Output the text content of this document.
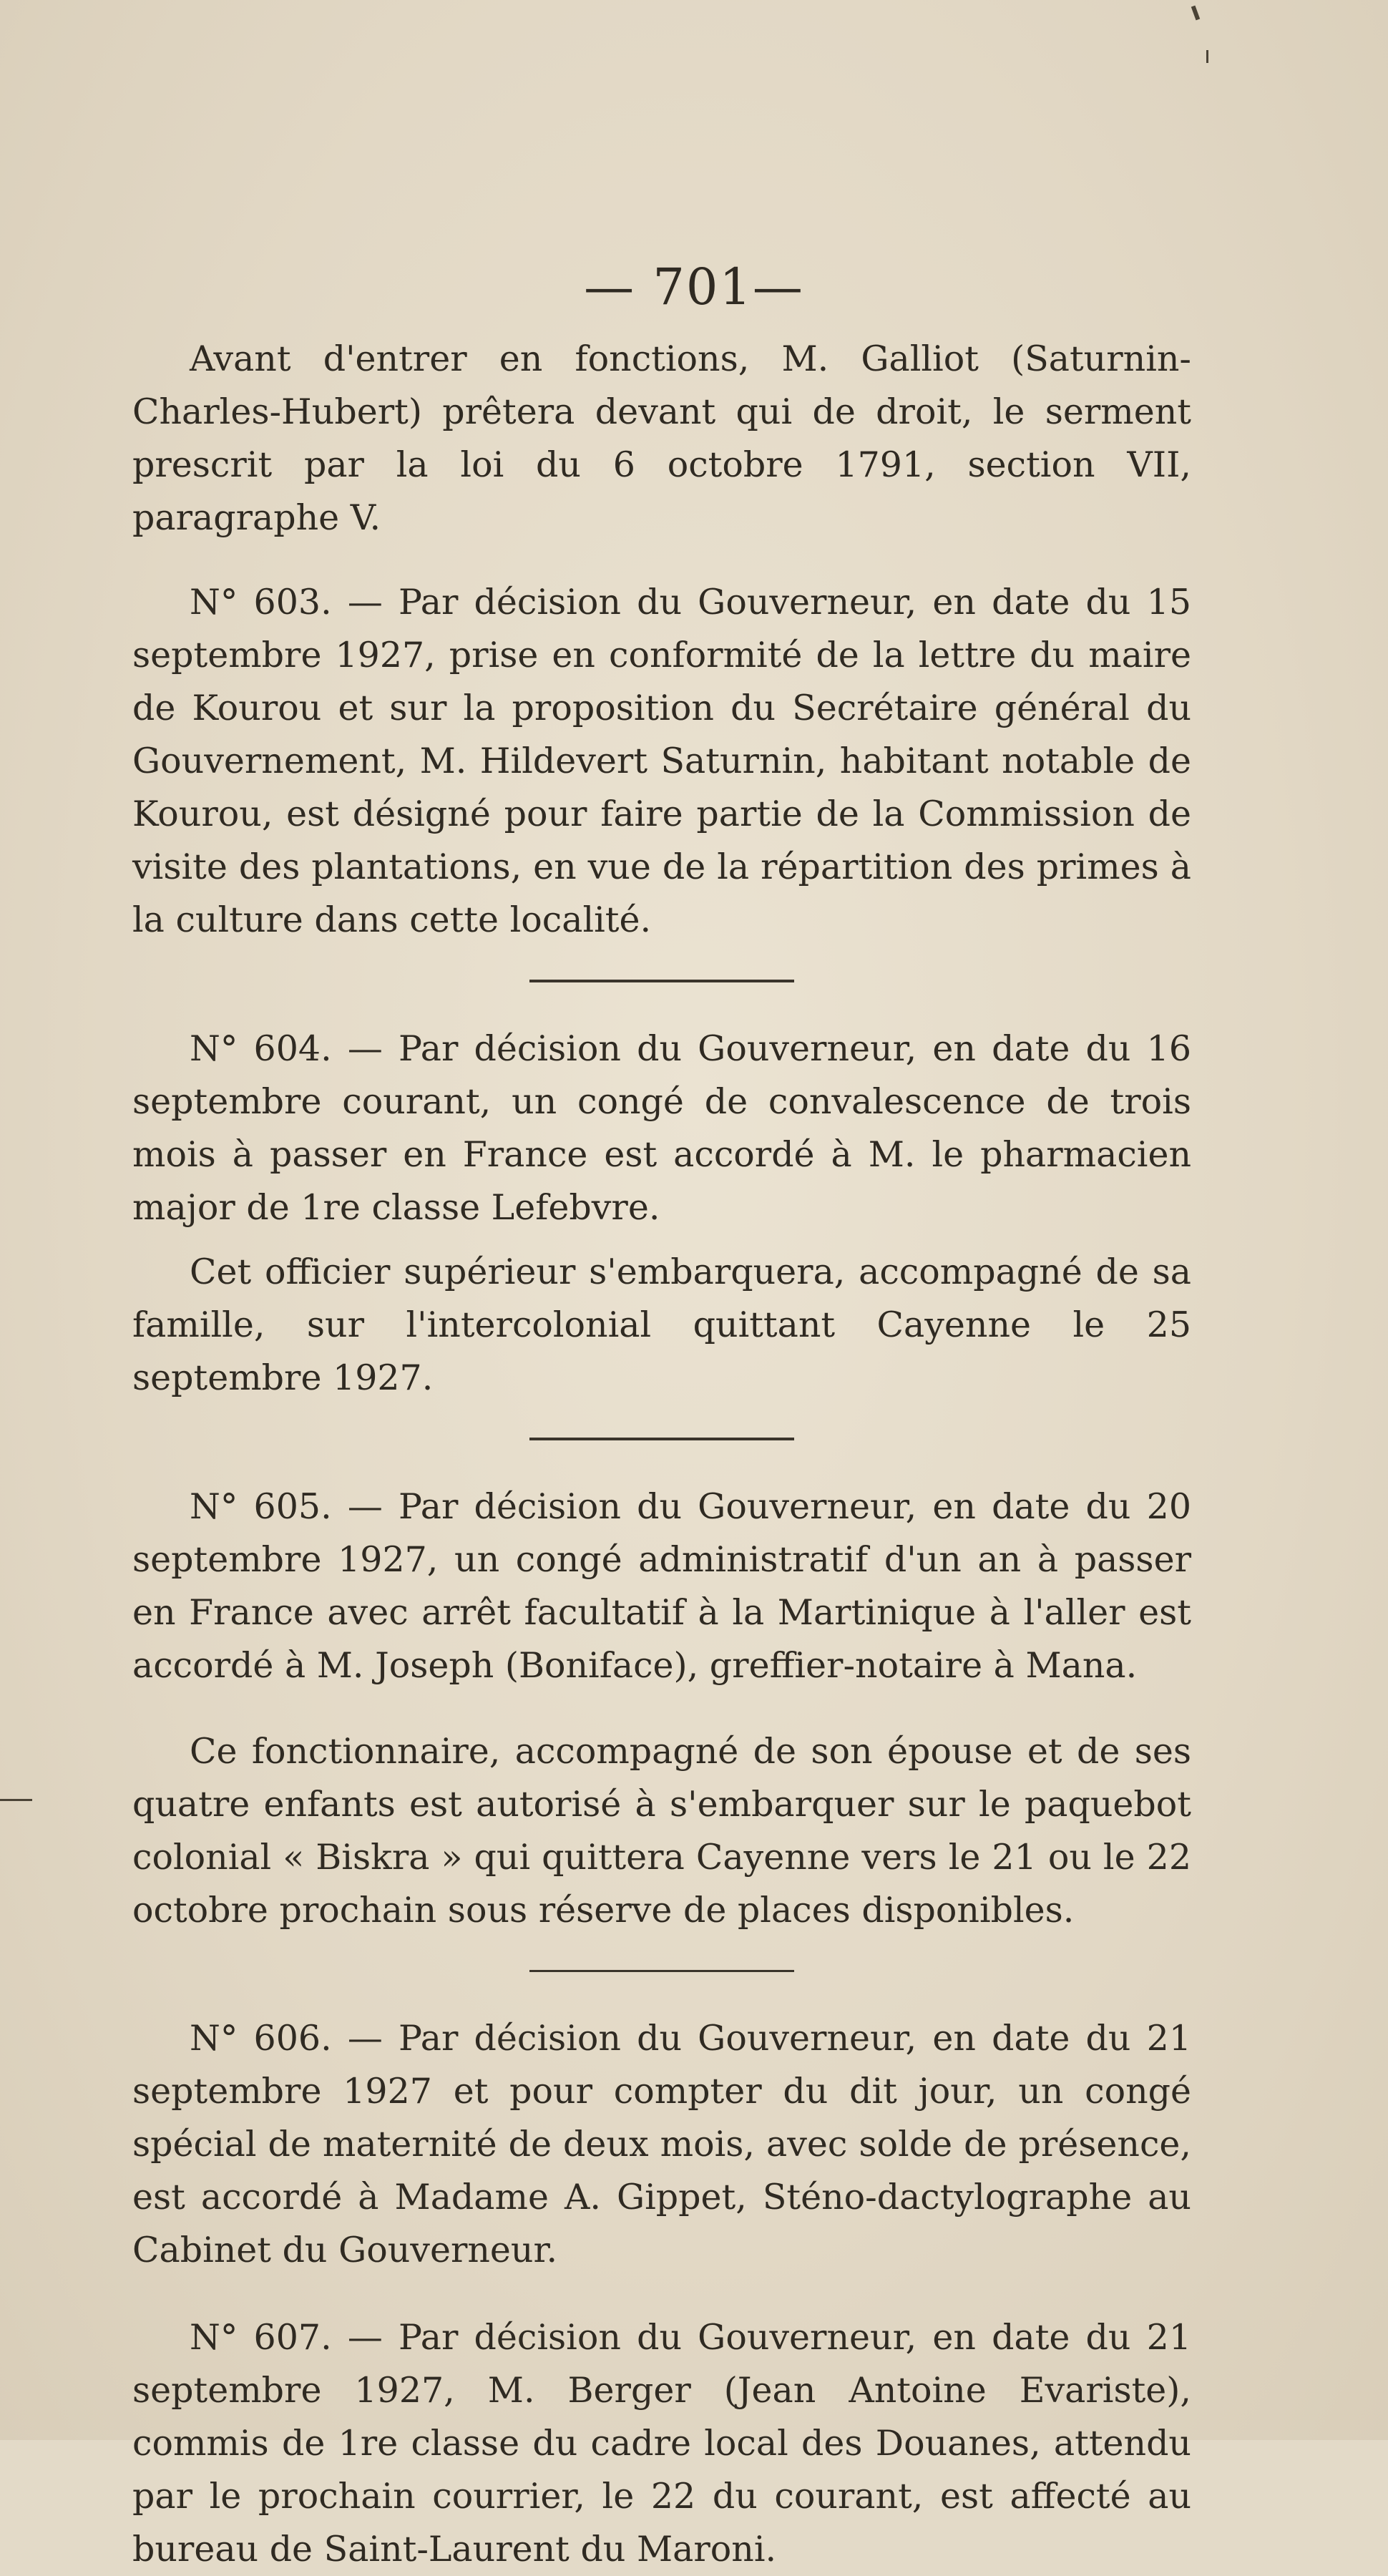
— 701—

Avant d'entrer en fonctions, M. Galliot (Saturnin-Charles-Hubert) prêtera devant qui de droit, le serment prescrit par la loi du 6 octobre 1791, section VII, paragraphe V.

N° 603. — Par décision du Gouverneur, en date du 15 septembre 1927, prise en conformité de la lettre du maire de Kourou et sur la proposition du Secrétaire général du Gouvernement, M. Hildevert Saturnin, habitant notable de Kourou, est désigné pour faire partie de la Commission de visite des plantations, en vue de la répartition des primes à la culture dans cette localité.

N° 604. — Par décision du Gouverneur, en date du 16 septembre courant, un congé de convalescence de trois mois à passer en France est accordé à M. le pharmacien major de 1re classe Lefebvre.

Cet officier supérieur s'embarquera, accompagné de sa famille, sur l'intercolonial quittant Cayenne le 25 septembre 1927.

N° 605. — Par décision du Gouverneur, en date du 20 septembre 1927, un congé administratif d'un an à passer en France avec arrêt facultatif à la Martinique à l'aller est accordé à M. Joseph (Boniface), greffier-notaire à Mana.

Ce fonctionnaire, accompagné de son épouse et de ses quatre enfants est autorisé à s'embarquer sur le paquebot colonial « Biskra » qui quittera Cayenne vers le 21 ou le 22 octobre prochain sous réserve de places disponibles.

N° 606. — Par décision du Gouverneur, en date du 21 septembre 1927 et pour compter du dit jour, un congé spécial de maternité de deux mois, avec solde de présence, est accordé à Madame A. Gippet, Sténo-dactylographe au Cabinet du Gouverneur.

N° 607. — Par décision du Gouverneur, en date du 21 septembre 1927, M. Berger (Jean Antoine Evariste), commis de 1re classe du cadre local des Douanes, attendu par le prochain courrier, le 22 du courant, est affecté au bureau de Saint-Laurent du Maroni.
